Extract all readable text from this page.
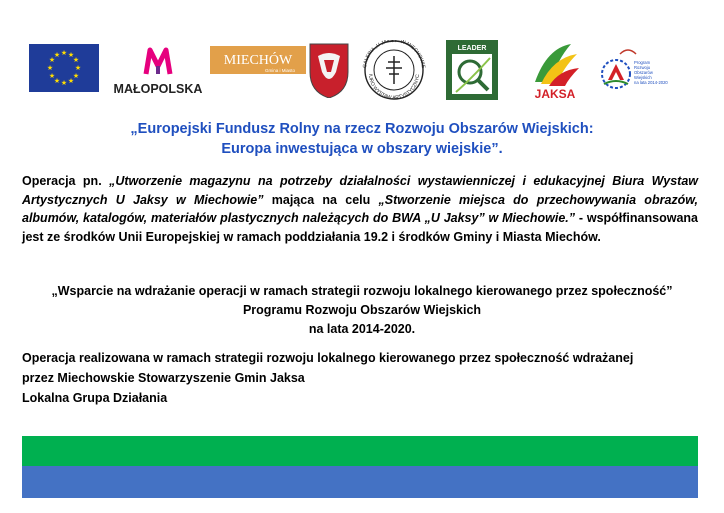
★ ★
★
★
★
★
★
★
★
★
★
★
MAŁOPOLSKA
MIECHÓW
Gmina i Miasto
GALERIA „U JAKSY” W MIECHOWIE
IURO WYSTAW ARTYSTYCZNYC
LEADER
JAKSA
Program
Rozwoju
Obszarów
Wiejskich
na lata 2014-2020
„Europejski Fundusz Rolny na rzecz Rozwoju Obszarów Wiejskich:
Europa inwestująca w obszary wiejskie”.
Operacja pn. „Utworzenie magazynu na potrzeby działalności wystawienniczej i edukacyjnej Biura Wystaw Artystycznych U Jaksy w Miechowie” mająca na celu „Stworzenie miejsca do przechowywania obrazów, albumów, katalogów, materiałów plastycznych należących do BWA „U Jaksy” w Miechowie.” - współfinansowana jest ze środków Unii Europejskiej w ramach poddziałania 19.2 i środków Gminy i Miasta Miechów.
„Wsparcie na wdrażanie operacji w ramach strategii rozwoju lokalnego kierowanego przez społeczność”
Programu Rozwoju Obszarów Wiejskich
na lata 2014-2020.
Operacja realizowana w ramach strategii rozwoju lokalnego kierowanego przez społeczność wdrażanej
przez Miechowskie Stowarzyszenie Gmin Jaksa
Lokalna Grupa Działania
